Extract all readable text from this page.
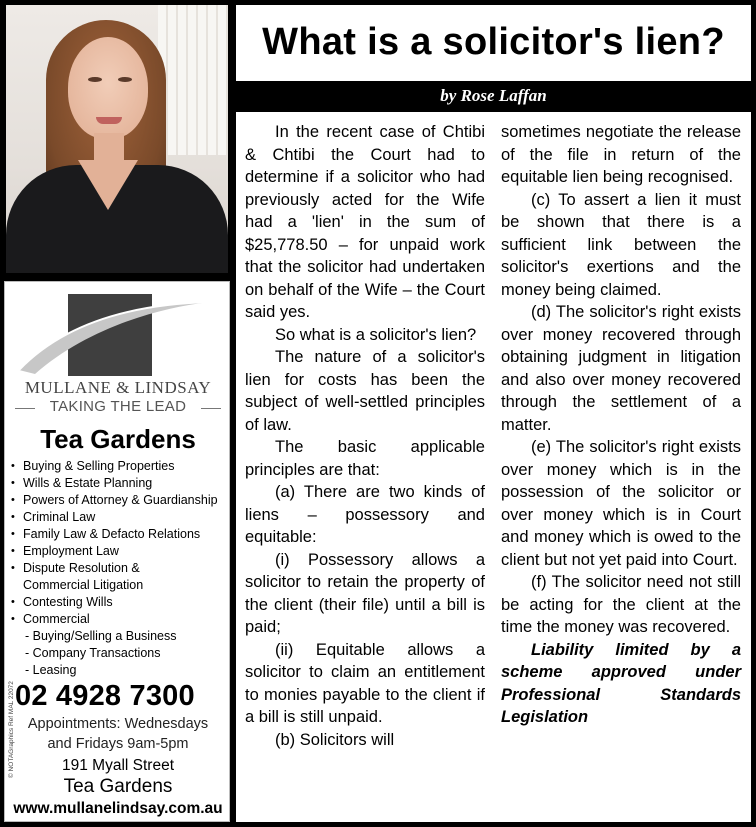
MULLANE & LINDSAY
TAKING THE LEAD
Tea Gardens
• Buying & Selling Properties
• Wills & Estate Planning
• Powers of Attorney & Guardianship
• Criminal Law
• Family Law & Defacto Relations
• Employment Law
• Dispute Resolution &
Commercial Litigation
• Contesting Wills
• Commercial
- Buying/Selling a Business
- Company Transactions
- Leasing
© NOTAGraphics Ref MAL 22072 02 4928 7300
Appointments: Wednesdays
and Fridays 9am-5pm
191 Myall Street
Tea Gardens
www.mullanelindsay.com.au
What is a solicitor's lien?
by Rose Laffan

In the recent case of Chtibi & Chtibi the Court had to determine if a solicitor who had previously acted for the Wife had a 'lien' in the sum of $25,778.50 – for unpaid work that the solicitor had undertaken on behalf of the Wife – the Court said yes.

So what is a solicitor's lien?

The nature of a solicitor's lien for costs has been the subject of well-settled principles of law.

The basic applicable principles are that:

(a) There are two kinds of liens – possessory and equitable:

(i) Possessory allows a solicitor to retain the property of the client (their file) until a bill is paid;

(ii) Equitable allows a solicitor to claim an entitlement to monies payable to the client if a bill is still unpaid.

(b) Solicitors will

sometimes negotiate the release of the file in return of the equitable lien being recognised.

(c) To assert a lien it must be shown that there is a sufficient link between the solicitor's exertions and the money being claimed.

(d) The solicitor's right exists over money recovered through obtaining judgment in litigation and also over money recovered through the settlement of a matter.

(e) The solicitor's right exists over money which is in the possession of the solicitor or over money which is in Court and money which is owed to the client but not yet paid into Court.

(f) The solicitor need not still be acting for the client at the time the money was recovered.

Liability limited by a scheme approved under Professional Standards Legislation
